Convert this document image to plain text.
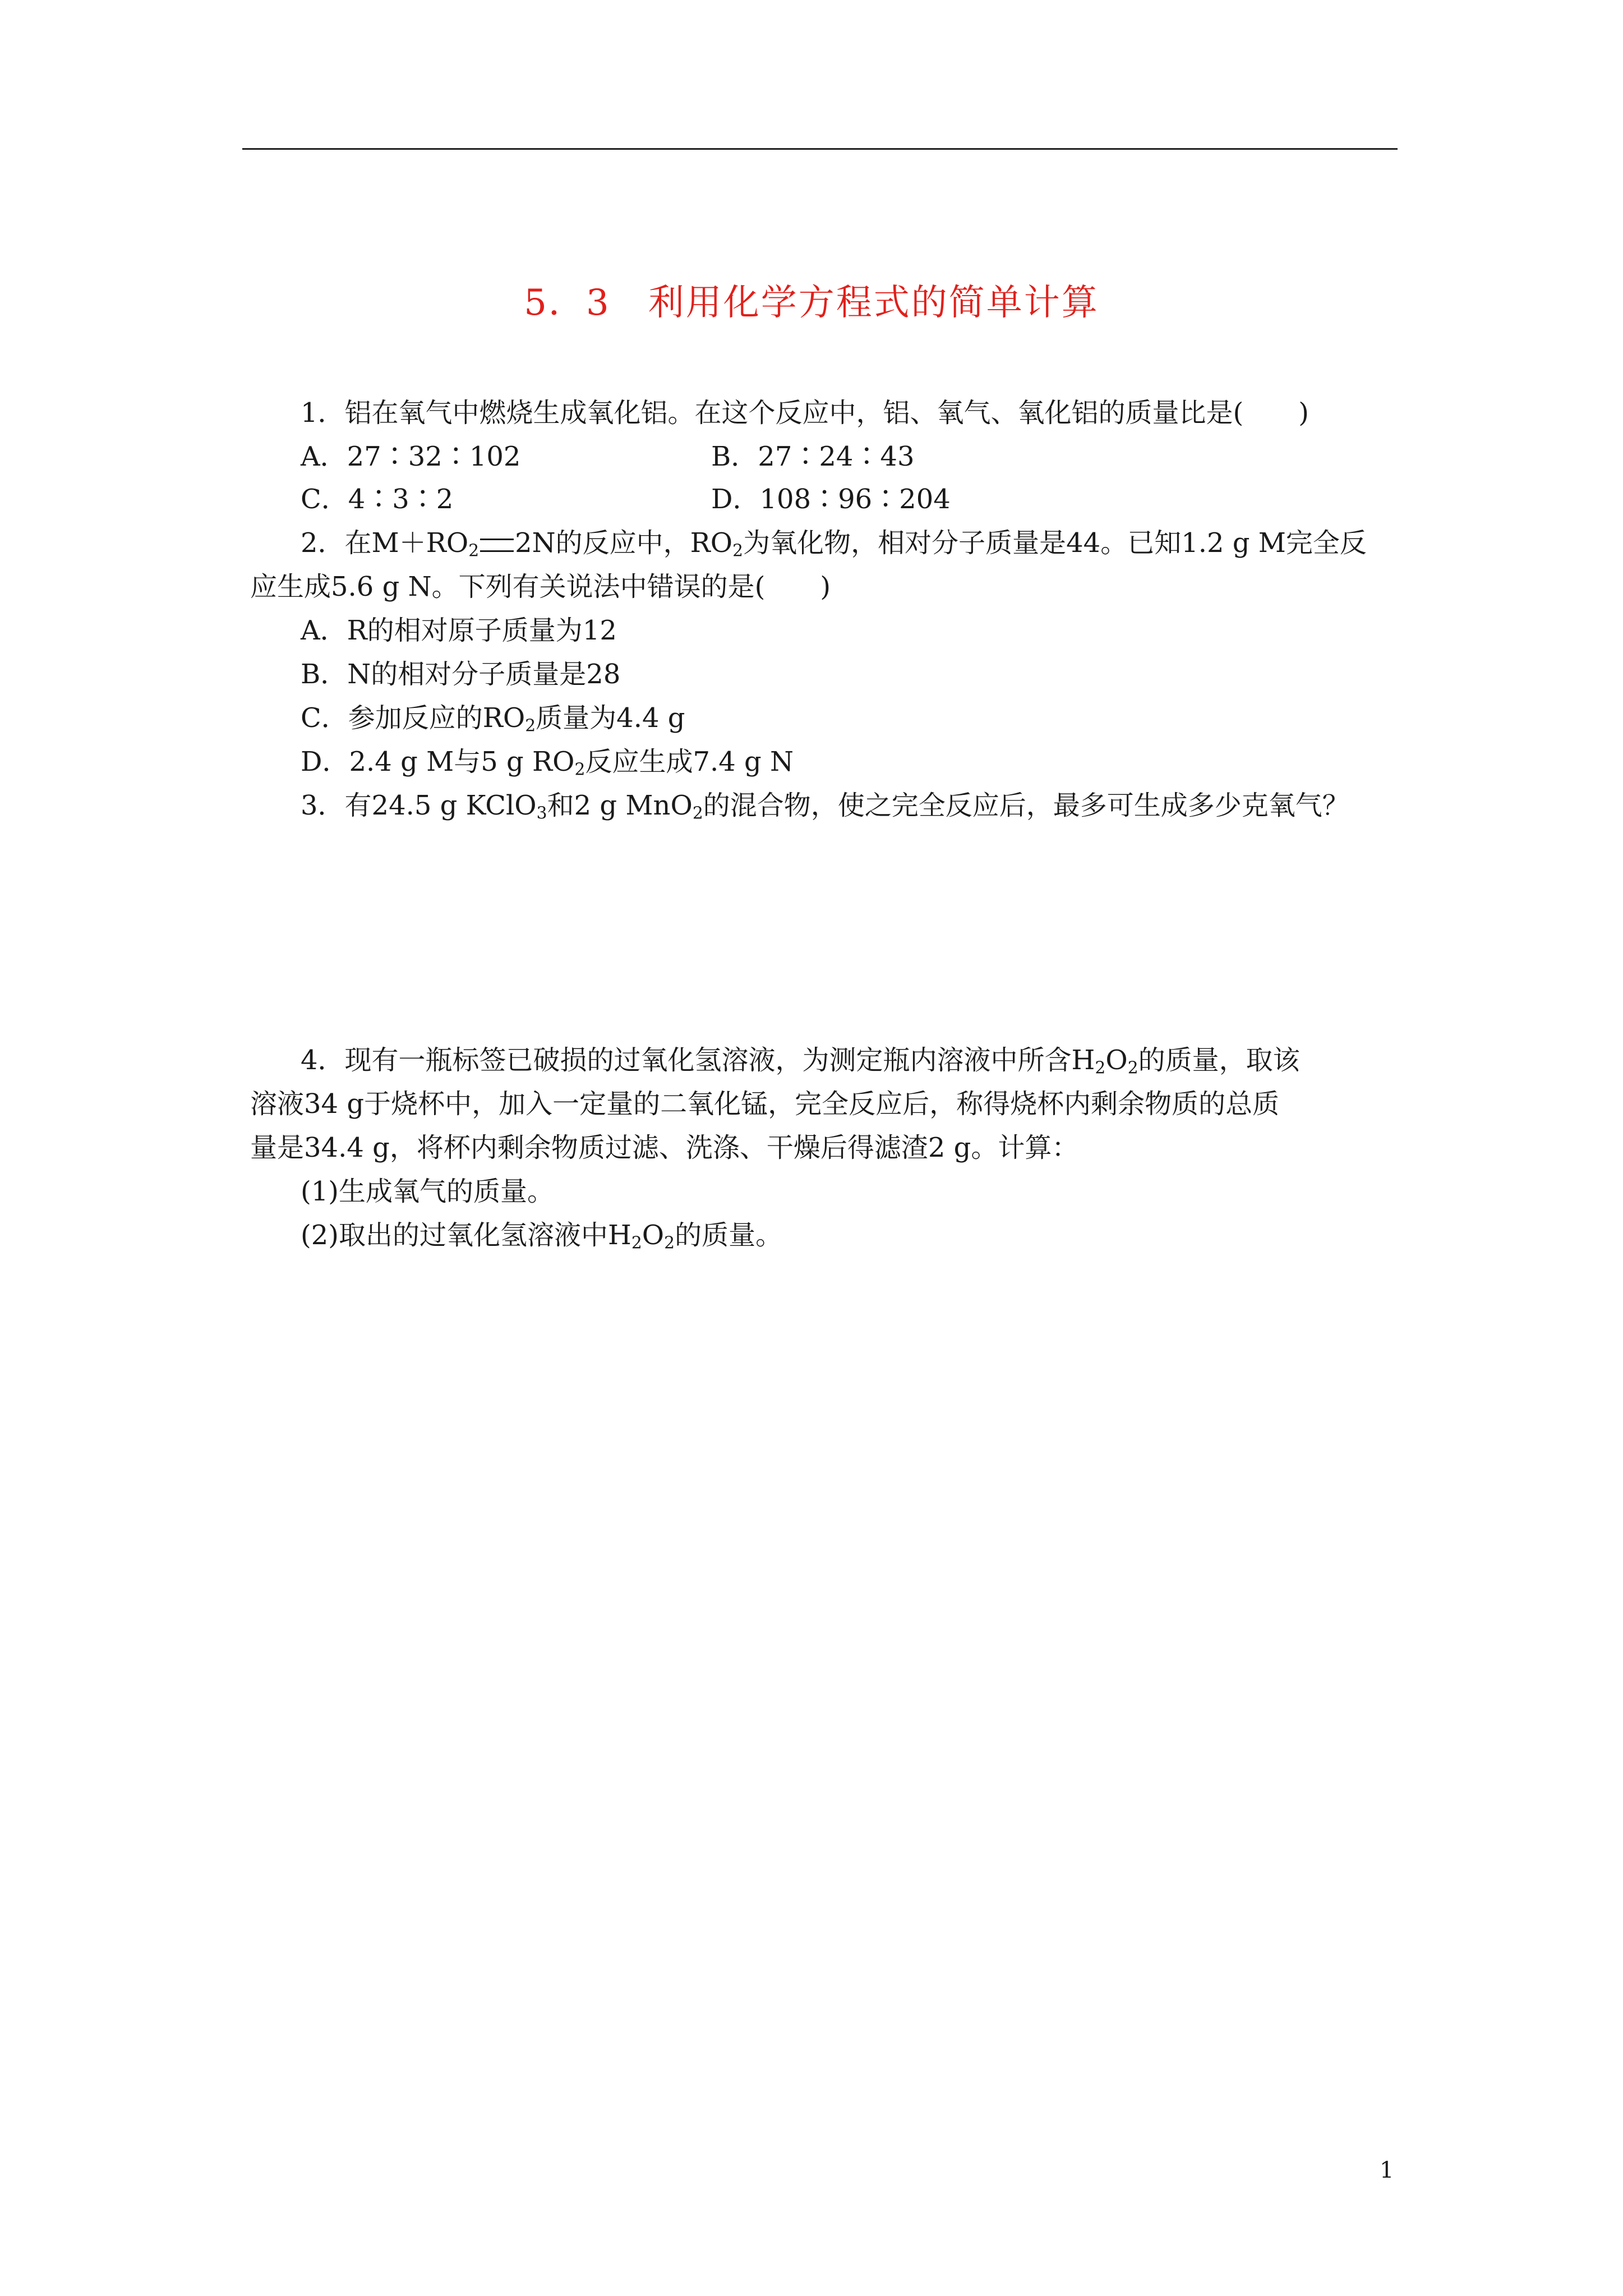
5．3　利用化学方程式的简单计算
1．铝在氧气中燃烧生成氧化铝。在这个反应中，铝、氧气、氧化铝的质量比是( )
A．27∶32∶102	B．27∶24∶43
C．4∶3∶2	D．108∶96∶204
2．在$M+RO_2$ 2N的反应中，$RO_2$为氧化物，相对分子质量是44。已知1.2 g M完全反
应生成5.6 g N。下列有关说法中错误的是( )
A．R的相对原子质量为12
B．N的相对分子质量是28
C．参加反应的$RO_2$质量为4.4 g
D．2.4 g M与5 g $RO_2$反应生成7.4 g N
3．有24.5 g KClO$_3$和2 g MnO$_2$的混合物，使之完全反应后，最多可生成多少克氧气？
4．现有一瓶标签已破损的过氧化氢溶液，为测定瓶内溶液中所含$H_2O_2$的质量，取该
溶液34 g于烧杯中，加入一定量的二氧化锰，完全反应后，称得烧杯内剩余物质的总质
量是34.4 g，将杯内剩余物质过滤、洗涤、干燥后得滤渣2 g。计算：
(1)生成氧气的质量。
(2)取出的过氧化氢溶液中$H_2O_2$的质量。
1
